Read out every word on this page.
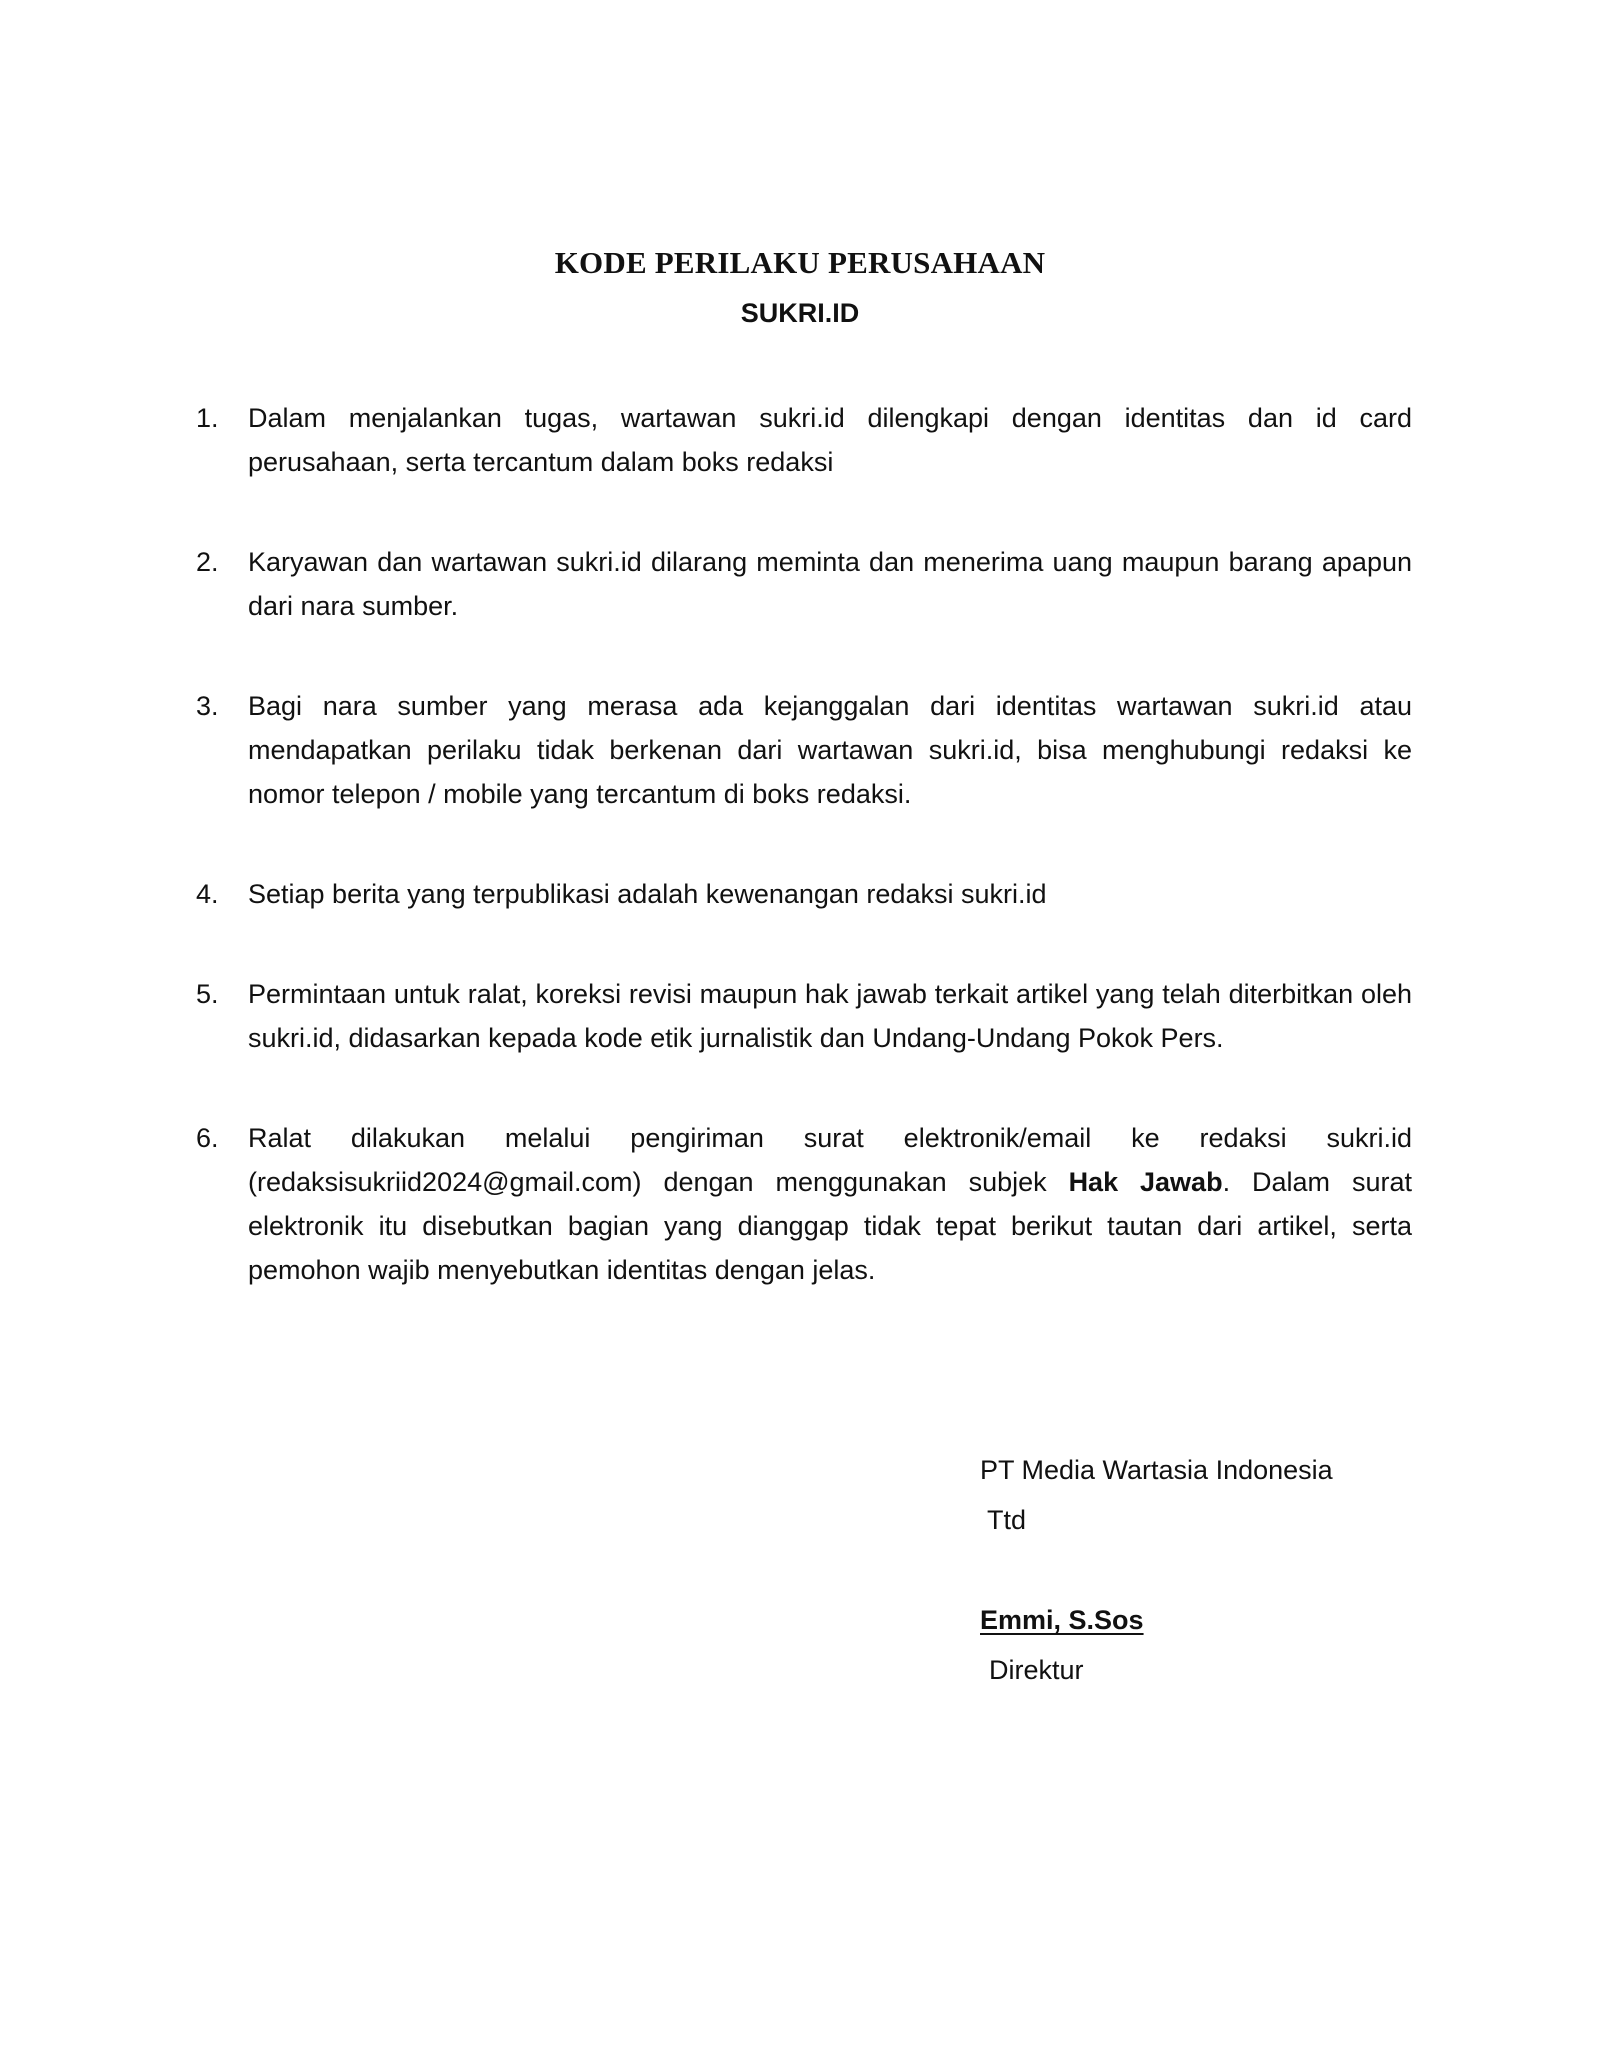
KODE PERILAKU PERUSAHAAN
SUKRI.ID
1.	Dalam menjalankan tugas, wartawan sukri.id dilengkapi dengan identitas dan id card perusahaan, serta tercantum dalam boks redaksi
2.	Karyawan dan wartawan sukri.id dilarang meminta dan menerima uang maupun barang apapun dari nara sumber.
3.	Bagi nara sumber yang merasa ada kejanggalan dari identitas wartawan sukri.id atau mendapatkan perilaku tidak berkenan dari wartawan sukri.id, bisa menghubungi redaksi ke nomor telepon / mobile yang tercantum di boks redaksi.
4.	Setiap berita yang terpublikasi adalah kewenangan redaksi sukri.id
5.	Permintaan untuk ralat, koreksi revisi maupun hak jawab terkait artikel yang telah diterbitkan oleh sukri.id, didasarkan kepada kode etik jurnalistik dan Undang-Undang Pokok Pers.
6.	Ralat dilakukan melalui pengiriman surat elektronik/email ke redaksi sukri.id (redaksisukriid2024@gmail.com) dengan menggunakan subjek Hak Jawab. Dalam surat elektronik itu disebutkan bagian yang dianggap tidak tepat berikut tautan dari artikel, serta pemohon wajib menyebutkan identitas dengan jelas.

PT Media Wartasia Indonesia

Ttd

Emmi, S.Sos

Direktur
